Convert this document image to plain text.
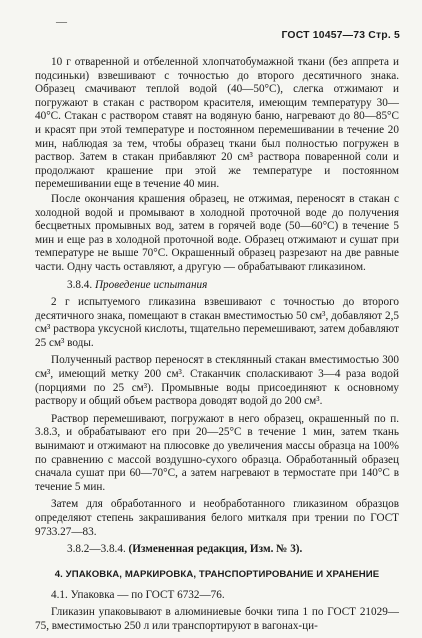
—
ГОСТ 10457—73 Стр. 5

10 г отваренной и отбеленной хлопчатобумажной ткани (без аппрета и подсиньки) взвешивают с точностью до второго десятичного знака. Образец смачивают теплой водой (40—50°C), слегка отжимают и погружают в стакан с раствором красителя, имеющим температуру 30—40°C. Стакан с раствором ставят на водяную баню, нагревают до 80—85°C и красят при этой температуре и постоянном перемешивании в течение 20 мин, наблюдая за тем, чтобы образец ткани был полностью погружен в раствор. Затем в стакан прибавляют 20 см³ раствора поваренной соли и продолжают крашение при этой же температуре и постоянном перемешивании еще в течение 40 мин.

После окончания крашения образец, не отжимая, переносят в стакан с холодной водой и промывают в холодной проточной воде до получения бесцветных промывных вод, затем в горячей воде (50—60°C) в течение 5 мин и еще раз в холодной проточной воде. Образец отжимают и сушат при температуре не выше 70°C. Окрашенный образец разрезают на две равные части. Одну часть оставляют, а другую — обрабатывают гликазином.

3.8.4. Проведение испытания

2 г испытуемого гликазина взвешивают с точностью до второго десятичного знака, помещают в стакан вместимостью 50 см³, добавляют 2,5 см³ раствора уксусной кислоты, тщательно перемешивают, затем добавляют 25 см³ воды.

Полученный раствор переносят в стеклянный стакан вместимостью 300 см³, имеющий метку 200 см³. Стаканчик споласкивают 3—4 раза водой (порциями по 25 см³). Промывные воды присоединяют к основному раствору и общий объем раствора доводят водой до 200 см³.

Раствор перемешивают, погружают в него образец, окрашенный по п. 3.8.3, и обрабатывают его при 20—25°C в течение 1 мин, затем ткань вынимают и отжимают на плюсовке до увеличения массы образца на 100% по сравнению с массой воздушно-сухого образца. Обработанный образец сначала сушат при 60—70°C, а затем нагревают в термостате при 140°C в течение 5 мин.

Затем для обработанного и необработанного гликазином образцов определяют степень закрашивания белого миткаля при трении по ГОСТ 9733.27—83.

3.8.2—3.8.4. (Измененная редакция, Изм. № 3).

4. УПАКОВКА, МАРКИРОВКА, ТРАНСПОРТИРОВАНИЕ И ХРАНЕНИЕ

4.1. Упаковка — по ГОСТ 6732—76.

Гликазин упаковывают в алюминиевые бочки типа 1 по ГОСТ 21029—75, вместимостью 250 л или транспортируют в вагонах-ци-
